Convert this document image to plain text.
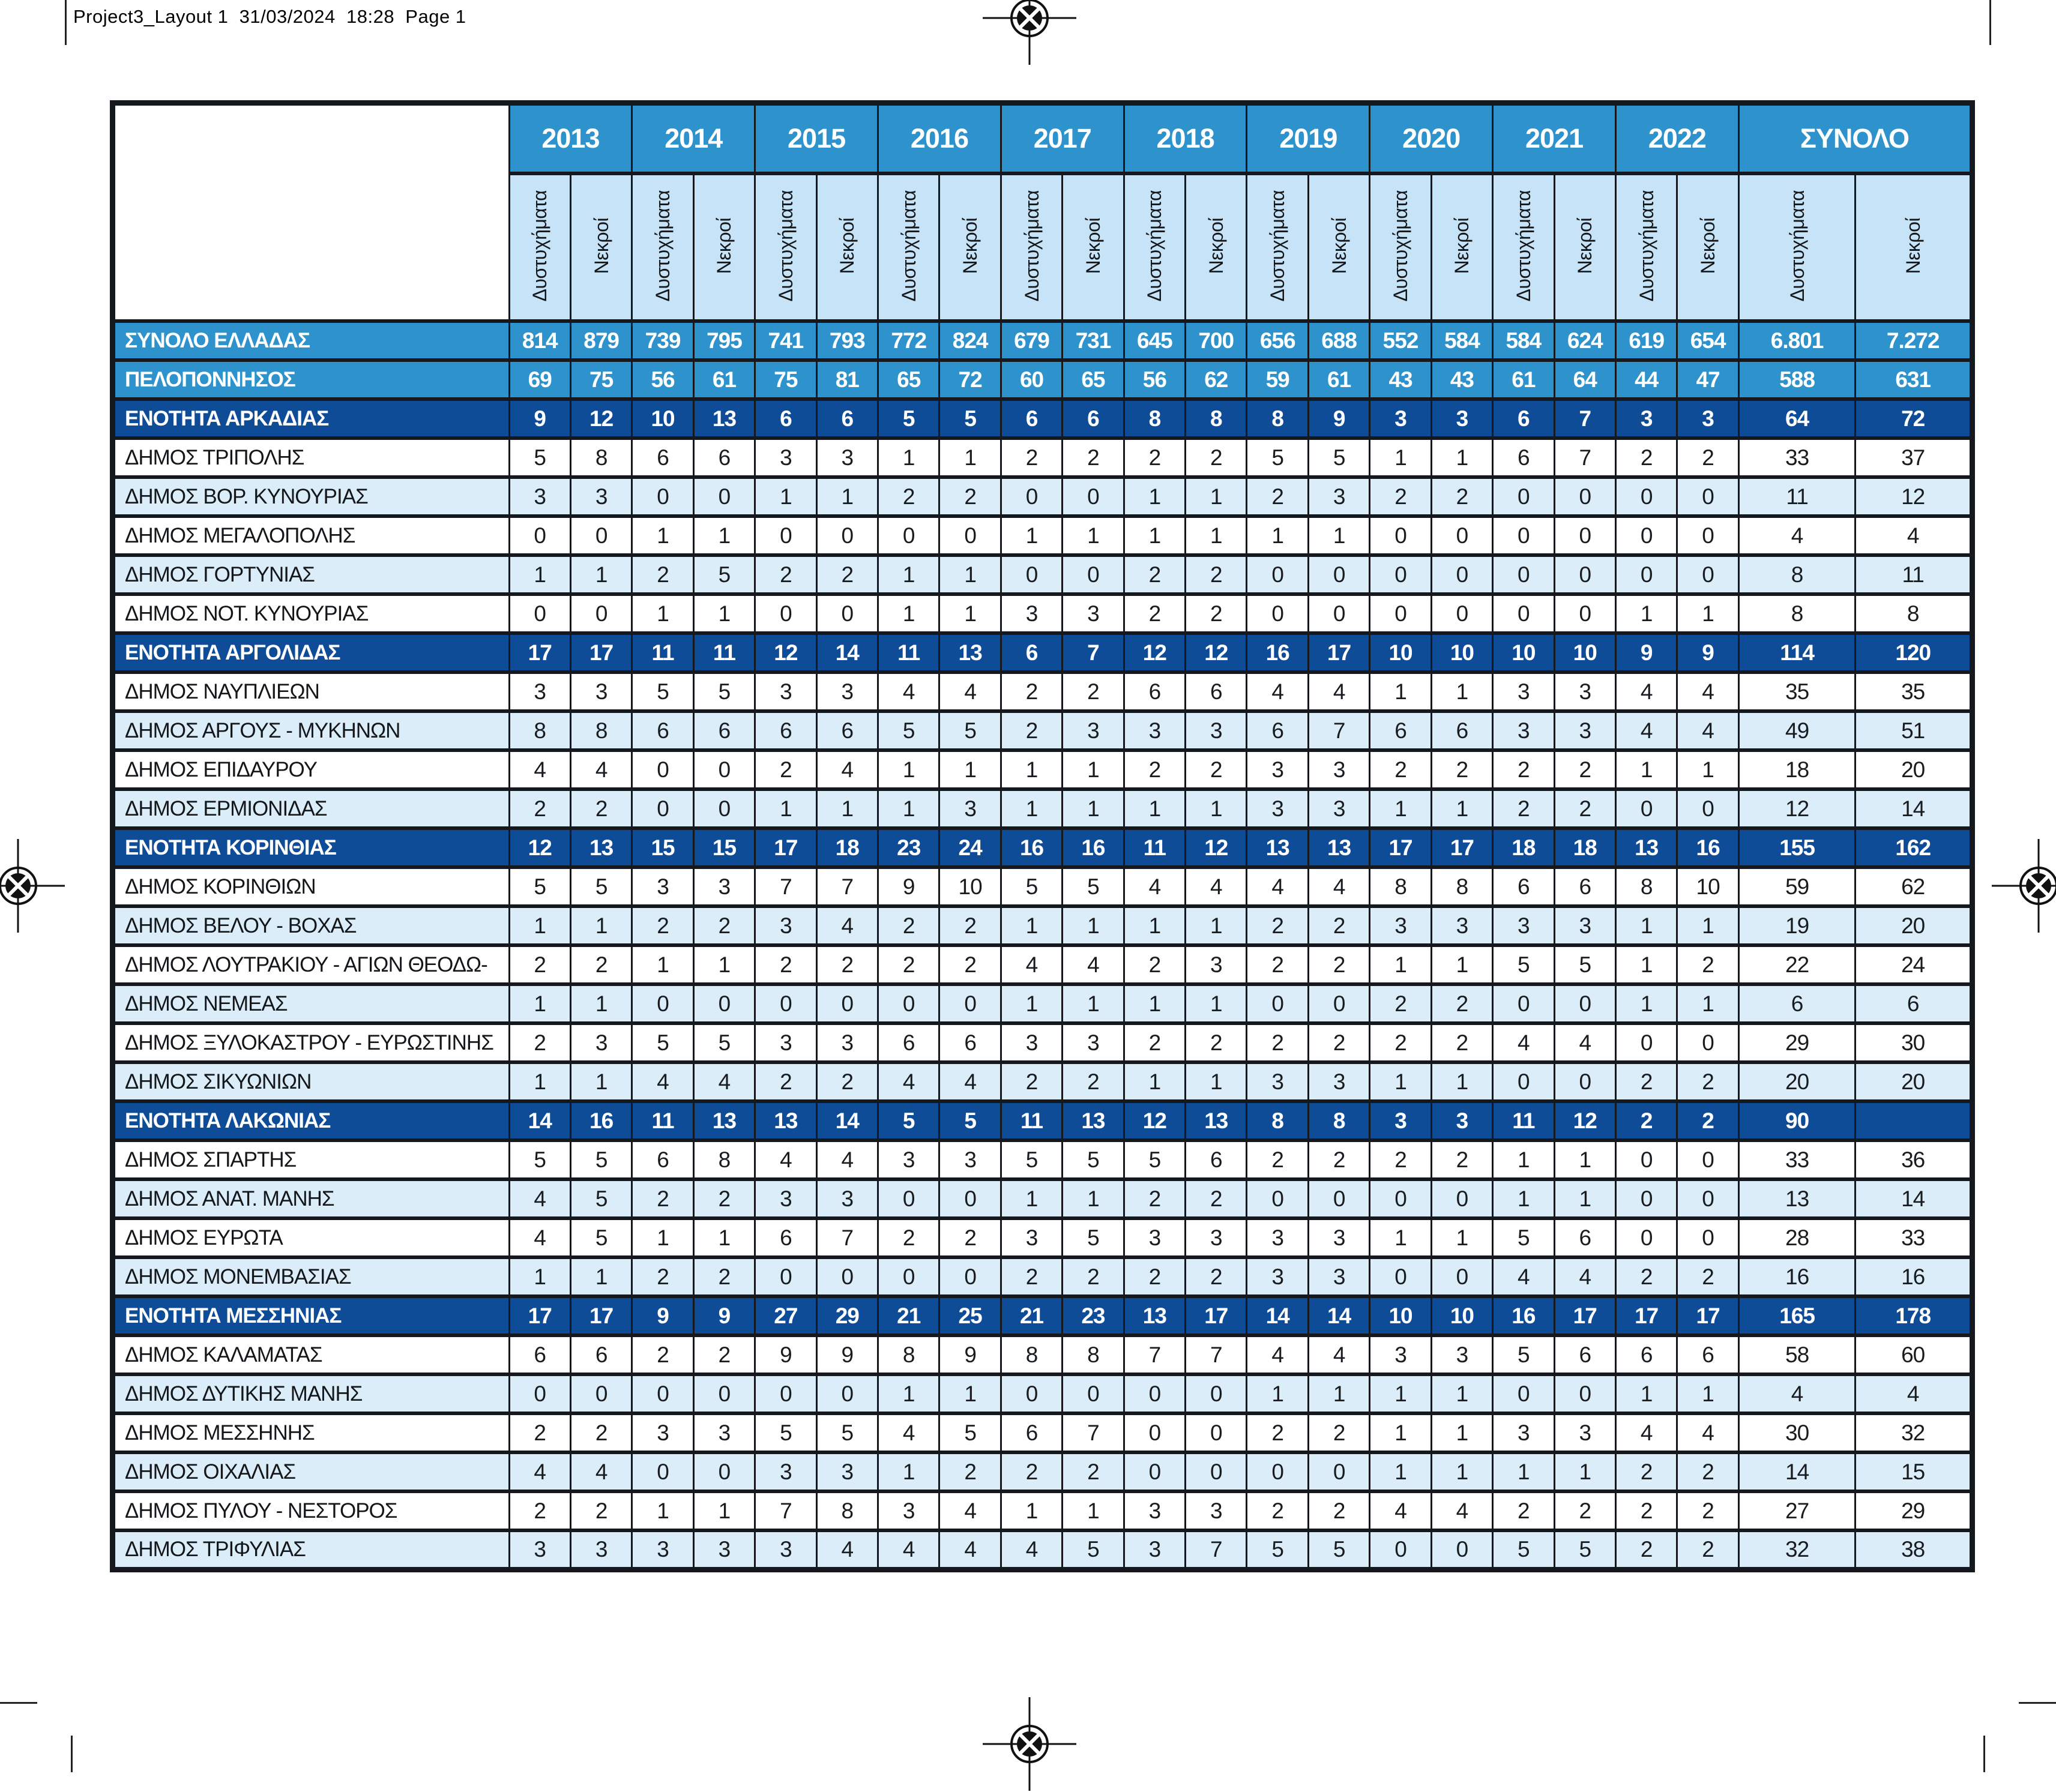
Project3_Layout 1  31/03/2024  18:28  Page 1
	2013		2014		2015		2016		2017		2018		2019		2020		2021		2022		ΣΥΝΟΛΟ	
	Δυστυχήματα	Νεκροί	Δυστυχήματα	Νεκροί	Δυστυχήματα	Νεκροί	Δυστυχήματα	Νεκροί	Δυστυχήματα	Νεκροί	Δυστυχήματα	Νεκροί	Δυστυχήματα	Νεκροί	Δυστυχήματα	Νεκροί	Δυστυχήματα	Νεκροί	Δυστυχήματα	Νεκροί	Δυστυχήματα	Νεκροί
ΣΥΝΟΛΟ ΕΛΛΑΔΑΣ	814	879	739	795	741	793	772	824	679	731	645	700	656	688	552	584	584	624	619	654	6.801	7.272
ΠΕΛΟΠΟΝΝΗΣΟΣ	69	75	56	61	75	81	65	72	60	65	56	62	59	61	43	43	61	64	44	47	588	631
ΕΝΟΤΗΤΑ ΑΡΚΑΔΙΑΣ	9	12	10	13	6	6	5	5	6	6	8	8	8	9	3	3	6	7	3	3	64	72
ΔΗΜΟΣ ΤΡΙΠΟΛΗΣ	5	8	6	6	3	3	1	1	2	2	2	2	5	5	1	1	6	7	2	2	33	37
ΔΗΜΟΣ ΒΟΡ. ΚΥΝΟΥΡΙΑΣ	3	3	0	0	1	1	2	2	0	0	1	1	2	3	2	2	0	0	0	0	11	12
ΔΗΜΟΣ ΜΕΓΑΛΟΠΟΛΗΣ	0	0	1	1	0	0	0	0	1	1	1	1	1	1	0	0	0	0	0	0	4	4
ΔΗΜΟΣ ΓΟΡΤΥΝΙΑΣ	1	1	2	5	2	2	1	1	0	0	2	2	0	0	0	0	0	0	0	0	8	11
ΔΗΜΟΣ ΝΟΤ. ΚΥΝΟΥΡΙΑΣ	0	0	1	1	0	0	1	1	3	3	2	2	0	0	0	0	0	0	1	1	8	8
ΕΝΟΤΗΤΑ ΑΡΓΟΛΙΔΑΣ	17	17	11	11	12	14	11	13	6	7	12	12	16	17	10	10	10	10	9	9	114	120
ΔΗΜΟΣ ΝΑΥΠΛΙΕΩΝ	3	3	5	5	3	3	4	4	2	2	6	6	4	4	1	1	3	3	4	4	35	35
ΔΗΜΟΣ ΑΡΓΟΥΣ - ΜΥΚΗΝΩΝ	8	8	6	6	6	6	5	5	2	3	3	3	6	7	6	6	3	3	4	4	49	51
ΔΗΜΟΣ ΕΠΙΔΑΥΡΟΥ	4	4	0	0	2	4	1	1	1	1	2	2	3	3	2	2	2	2	1	1	18	20
ΔΗΜΟΣ ΕΡΜΙΟΝΙΔΑΣ	2	2	0	0	1	1	1	3	1	1	1	1	3	3	1	1	2	2	0	0	12	14
ΕΝΟΤΗΤΑ ΚΟΡΙΝΘΙΑΣ	12	13	15	15	17	18	23	24	16	16	11	12	13	13	17	17	18	18	13	16	155	162
ΔΗΜΟΣ ΚΟΡΙΝΘΙΩΝ	5	5	3	3	7	7	9	10	5	5	4	4	4	4	8	8	6	6	8	10	59	62
ΔΗΜΟΣ ΒΕΛΟΥ - ΒΟΧΑΣ	1	1	2	2	3	4	2	2	1	1	1	1	2	2	3	3	3	3	1	1	19	20
ΔΗΜΟΣ ΛΟΥΤΡΑΚΙΟΥ - ΑΓΙΩΝ ΘΕΟΔΩ-	2	2	1	1	2	2	2	2	4	4	2	3	2	2	1	1	5	5	1	2	22	24
ΔΗΜΟΣ ΝΕΜΕΑΣ	1	1	0	0	0	0	0	0	1	1	1	1	0	0	2	2	0	0	1	1	6	6
ΔΗΜΟΣ ΞΥΛΟΚΑΣΤΡΟΥ - ΕΥΡΩΣΤΙΝΗΣ	2	3	5	5	3	3	6	6	3	3	2	2	2	2	2	2	4	4	0	0	29	30
ΔΗΜΟΣ ΣΙΚΥΩΝΙΩΝ	1	1	4	4	2	2	4	4	2	2	1	1	3	3	1	1	0	0	2	2	20	20
ΕΝΟΤΗΤΑ ΛΑΚΩΝΙΑΣ	14	16	11	13	13	14	5	5	11	13	12	13	8	8	3	3	11	12	2	2	90	
ΔΗΜΟΣ ΣΠΑΡΤΗΣ	5	5	6	8	4	4	3	3	5	5	5	6	2	2	2	2	1	1	0	0	33	36
ΔΗΜΟΣ ΑΝΑΤ. ΜΑΝΗΣ	4	5	2	2	3	3	0	0	1	1	2	2	0	0	0	0	1	1	0	0	13	14
ΔΗΜΟΣ ΕΥΡΩΤΑ	4	5	1	1	6	7	2	2	3	5	3	3	3	3	1	1	5	6	0	0	28	33
ΔΗΜΟΣ ΜΟΝΕΜΒΑΣΙΑΣ	1	1	2	2	0	0	0	0	2	2	2	2	3	3	0	0	4	4	2	2	16	16
ΕΝΟΤΗΤΑ ΜΕΣΣΗΝΙΑΣ	17	17	9	9	27	29	21	25	21	23	13	17	14	14	10	10	16	17	17	17	165	178
ΔΗΜΟΣ ΚΑΛΑΜΑΤΑΣ	6	6	2	2	9	9	8	9	8	8	7	7	4	4	3	3	5	6	6	6	58	60
ΔΗΜΟΣ ΔΥΤΙΚΗΣ ΜΑΝΗΣ	0	0	0	0	0	0	1	1	0	0	0	0	1	1	1	1	0	0	1	1	4	4
ΔΗΜΟΣ ΜΕΣΣΗΝΗΣ	2	2	3	3	5	5	4	5	6	7	0	0	2	2	1	1	3	3	4	4	30	32
ΔΗΜΟΣ ΟΙΧΑΛΙΑΣ	4	4	0	0	3	3	1	2	2	2	0	0	0	0	1	1	1	1	2	2	14	15
ΔΗΜΟΣ ΠΥΛΟΥ - ΝΕΣΤΟΡΟΣ	2	2	1	1	7	8	3	4	1	1	3	3	2	2	4	4	2	2	2	2	27	29
ΔΗΜΟΣ ΤΡΙΦΥΛΙΑΣ	3	3	3	3	3	4	4	4	4	5	3	7	5	5	0	0	5	5	2	2	32	38
